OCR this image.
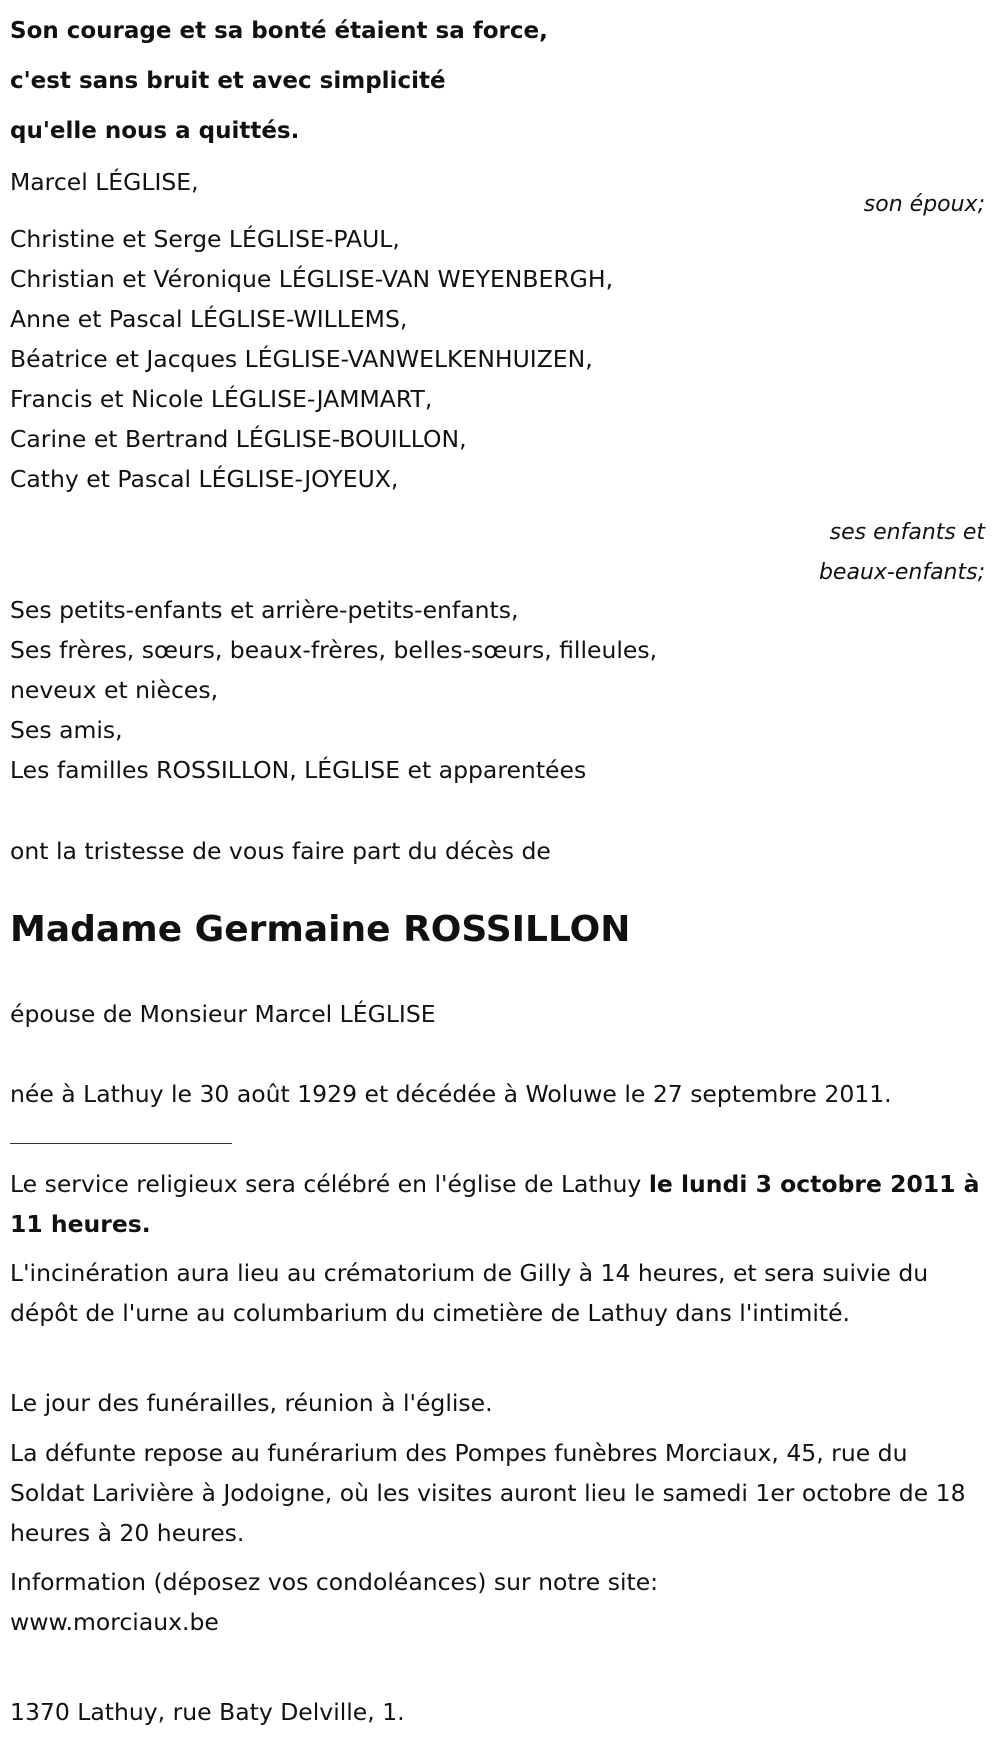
Son courage et sa bonté étaient sa force,
c'est sans bruit et avec simplicité
qu'elle nous a quittés.
Marcel LÉGLISE,
son époux;
Christine et Serge LÉGLISE-PAUL,
Christian et Véronique LÉGLISE-VAN WEYENBERGH,
Anne et Pascal LÉGLISE-WILLEMS,
Béatrice et Jacques LÉGLISE-VANWELKENHUIZEN,
Francis et Nicole LÉGLISE-JAMMART,
Carine et Bertrand LÉGLISE-BOUILLON,
Cathy et Pascal LÉGLISE-JOYEUX,
ses enfants et
beaux-enfants;
Ses petits-enfants et arrière-petits-enfants,
Ses frères, sœurs, beaux-frères, belles-sœurs, filleules,
neveux et nièces,
Ses amis,
Les familles ROSSILLON, LÉGLISE et apparentées
ont la tristesse de vous faire part du décès de
Madame Germaine ROSSILLON
épouse de Monsieur Marcel LÉGLISE
née à Lathuy le 30 août 1929 et décédée à Woluwe le 27 septembre 2011.
Le service religieux sera célébré en l'église de Lathuy le lundi 3 octobre 2011 à 11 heures.
L'incinération aura lieu au crématorium de Gilly à 14 heures, et sera suivie du dépôt de l'urne au columbarium du cimetière de Lathuy dans l'intimité.
Le jour des funérailles, réunion à l'église.
La défunte repose au funérarium des Pompes funèbres Morciaux, 45, rue du Soldat Larivière à Jodoigne, où les visites auront lieu le samedi 1er octobre de 18 heures à 20 heures.
Information (déposez vos condoléances) sur notre site:
www.morciaux.be
1370 Lathuy, rue Baty Delville, 1.
